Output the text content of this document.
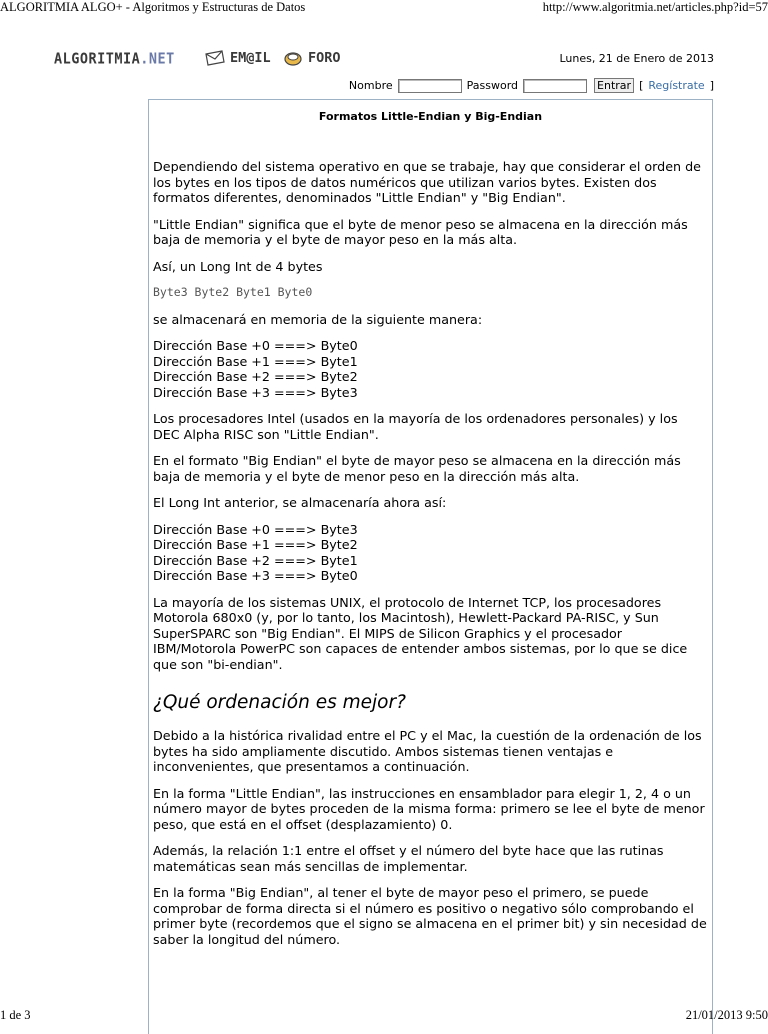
ALGORITMIA ALGO+ - Algoritmos y Estructuras de Datos	http://www.algoritmia.net/articles.php?id=57
ALGORITMIA.NET	EM@IL	FORO	Lunes, 21 de Enero de 2013
Nombre	Password	Entrar [ Regístrate ]
Formatos Little-Endian y Big-Endian

Dependiendo del sistema operativo en que se trabaje, hay que considerar el orden de los bytes en los tipos de datos numéricos que utilizan varios bytes. Existen dos formatos diferentes, denominados "Little Endian" y "Big Endian".

"Little Endian" significa que el byte de menor peso se almacena en la dirección más baja de memoria y el byte de mayor peso en la más alta.

Así, un Long Int de 4 bytes

Byte3 Byte2 Byte1 Byte0

se almacenará en memoria de la siguiente manera:

Dirección Base +0 ===> Byte0
Dirección Base +1 ===> Byte1
Dirección Base +2 ===> Byte2
Dirección Base +3 ===> Byte3

Los procesadores Intel (usados en la mayoría de los ordenadores personales) y los DEC Alpha RISC son "Little Endian".

En el formato "Big Endian" el byte de mayor peso se almacena en la dirección más baja de memoria y el byte de menor peso en la dirección más alta.

El Long Int anterior, se almacenaría ahora así:

Dirección Base +0 ===> Byte3
Dirección Base +1 ===> Byte2
Dirección Base +2 ===> Byte1
Dirección Base +3 ===> Byte0

La mayoría de los sistemas UNIX, el protocolo de Internet TCP, los procesadores Motorola 680x0 (y, por lo tanto, los Macintosh), Hewlett-Packard PA-RISC, y Sun SuperSPARC son "Big Endian". El MIPS de Silicon Graphics y el procesador IBM/Motorola PowerPC son capaces de entender ambos sistemas, por lo que se dice que son "bi-endian".

¿Qué ordenación es mejor?

Debido a la histórica rivalidad entre el PC y el Mac, la cuestión de la ordenación de los bytes ha sido ampliamente discutido. Ambos sistemas tienen ventajas e inconvenientes, que presentamos a continuación.

En la forma "Little Endian", las instrucciones en ensamblador para elegir 1, 2, 4 o un número mayor de bytes proceden de la misma forma: primero se lee el byte de menor peso, que está en el offset (desplazamiento) 0.

Además, la relación 1:1 entre el offset y el número del byte hace que las rutinas matemáticas sean más sencillas de implementar.

En la forma "Big Endian", al tener el byte de mayor peso el primero, se puede comprobar de forma directa si el número es positivo o negativo sólo comprobando el primer byte (recordemos que el signo se almacena en el primer bit) y sin necesidad de saber la longitud del número.

1 de 3	21/01/2013 9:50
